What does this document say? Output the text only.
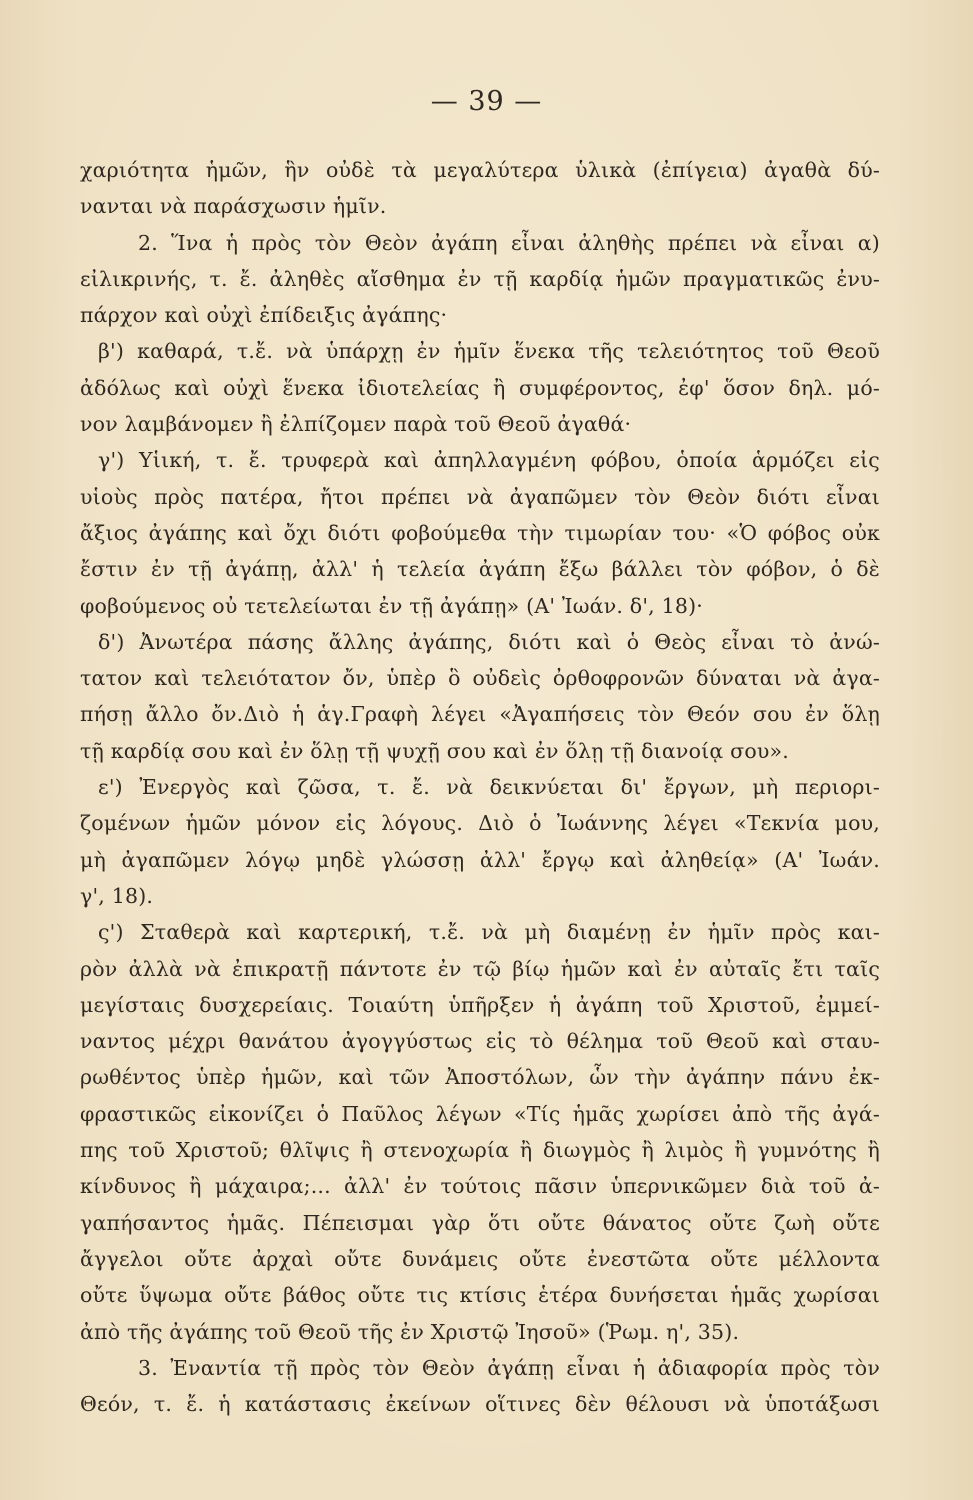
— 39 —
χαριότητα ἡμῶν, ἣν οὐδὲ τὰ μεγαλύτερα ὑλικὰ (ἐπίγεια) ἀγαθὰ δύ-
νανται νὰ παράσχωσιν ἡμῖν.
2. Ἵνα ἡ πρὸς τὸν Θεὸν ἀγάπη εἶναι ἀληθὴς πρέπει νὰ εἶναι α)
εἰλικρινής, τ. ἔ. ἀληθὲς αἴσθημα ἐν τῇ καρδίᾳ ἡμῶν πραγματικῶς ἐνυ-
πάρχον καὶ οὐχὶ ἐπίδειξις ἀγάπης·
β') καθαρά, τ.ἔ. νὰ ὑπάρχῃ ἐν ἡμῖν ἕνεκα τῆς τελειότητος τοῦ Θεοῦ
ἀδόλως καὶ οὐχὶ ἕνεκα ἰδιοτελείας ἢ συμφέροντος, ἐφ' ὅσον δηλ. μό-
νον λαμβάνομεν ἢ ἐλπίζομεν παρὰ τοῦ Θεοῦ ἀγαθά·
γ') Υἱική, τ. ἔ. τρυφερὰ καὶ ἀπηλλαγμένη φόβου, ὁποία ἁρμόζει εἰς
υἱοὺς πρὸς πατέρα, ἤτοι πρέπει νὰ ἀγαπῶμεν τὸν Θεὸν διότι εἶναι
ἄξιος ἀγάπης καὶ ὄχι διότι φοβούμεθα τὴν τιμωρίαν του· «Ὁ φόβος οὐκ
ἔστιν ἐν τῇ ἀγάπῃ, ἀλλ' ἡ τελεία ἀγάπη ἔξω βάλλει τὸν φόβον, ὁ δὲ
φοβούμενος οὐ τετελείωται ἐν τῇ ἀγάπῃ» (Α' Ἰωάν. δ', 18)·
δ') Ἀνωτέρα πάσης ἄλλης ἀγάπης, διότι καὶ ὁ Θεὸς εἶναι τὸ ἀνώ-
τατον καὶ τελειότατον ὄν, ὑπὲρ ὃ οὐδεὶς ὀρθοφρονῶν δύναται νὰ ἀγα-
πήσῃ ἄλλο ὄν.Διὸ ἡ ἁγ.Γραφὴ λέγει «Ἀγαπήσεις τὸν Θεόν σου ἐν ὅλῃ
τῇ καρδίᾳ σου καὶ ἐν ὅλῃ τῇ ψυχῇ σου καὶ ἐν ὅλῃ τῇ διανοίᾳ σου».
ε') Ἐνεργὸς καὶ ζῶσα, τ. ἔ. νὰ δεικνύεται δι' ἔργων, μὴ περιορι-
ζομένων ἡμῶν μόνον εἰς λόγους. Διὸ ὁ Ἰωάννης λέγει «Τεκνία μου,
μὴ ἀγαπῶμεν λόγῳ μηδὲ γλώσσῃ ἀλλ' ἔργῳ καὶ ἀληθείᾳ» (Α' Ἰωάν.
γ', 18).
ς') Σταθερὰ καὶ καρτερική, τ.ἔ. νὰ μὴ διαμένῃ ἐν ἡμῖν πρὸς και-
ρὸν ἀλλὰ νὰ ἐπικρατῇ πάντοτε ἐν τῷ βίῳ ἡμῶν καὶ ἐν αὐταῖς ἔτι ταῖς
μεγίσταις δυσχερείαις. Τοιαύτη ὑπῆρξεν ἡ ἀγάπη τοῦ Χριστοῦ, ἐμμεί-
ναντος μέχρι θανάτου ἀγογγύστως εἰς τὸ θέλημα τοῦ Θεοῦ καὶ σταυ-
ρωθέντος ὑπὲρ ἡμῶν, καὶ τῶν Ἀποστόλων, ὧν τὴν ἀγάπην πάνυ ἐκ-
φραστικῶς εἰκονίζει ὁ Παῦλος λέγων «Τίς ἡμᾶς χωρίσει ἀπὸ τῆς ἀγά-
πης τοῦ Χριστοῦ; θλῖψις ἢ στενοχωρία ἢ διωγμὸς ἢ λιμὸς ἢ γυμνότης ἢ
κίνδυνος ἢ μάχαιρα;... ἀλλ' ἐν τούτοις πᾶσιν ὑπερνικῶμεν διὰ τοῦ ἀ-
γαπήσαντος ἡμᾶς. Πέπεισμαι γὰρ ὅτι οὔτε θάνατος οὔτε ζωὴ οὔτε
ἄγγελοι οὔτε ἀρχαὶ οὔτε δυνάμεις οὔτε ἐνεστῶτα οὔτε μέλλοντα
οὔτε ὕψωμα οὔτε βάθος οὔτε τις κτίσις ἑτέρα δυνήσεται ἡμᾶς χωρίσαι
ἀπὸ τῆς ἀγάπης τοῦ Θεοῦ τῆς ἐν Χριστῷ Ἰησοῦ» (Ῥωμ. η', 35).
3. Ἐναντία τῇ πρὸς τὸν Θεὸν ἀγάπῃ εἶναι ἡ ἀδιαφορία πρὸς τὸν
Θεόν, τ. ἔ. ἡ κατάστασις ἐκείνων οἵτινες δὲν θέλουσι νὰ ὑποτάξωσι
